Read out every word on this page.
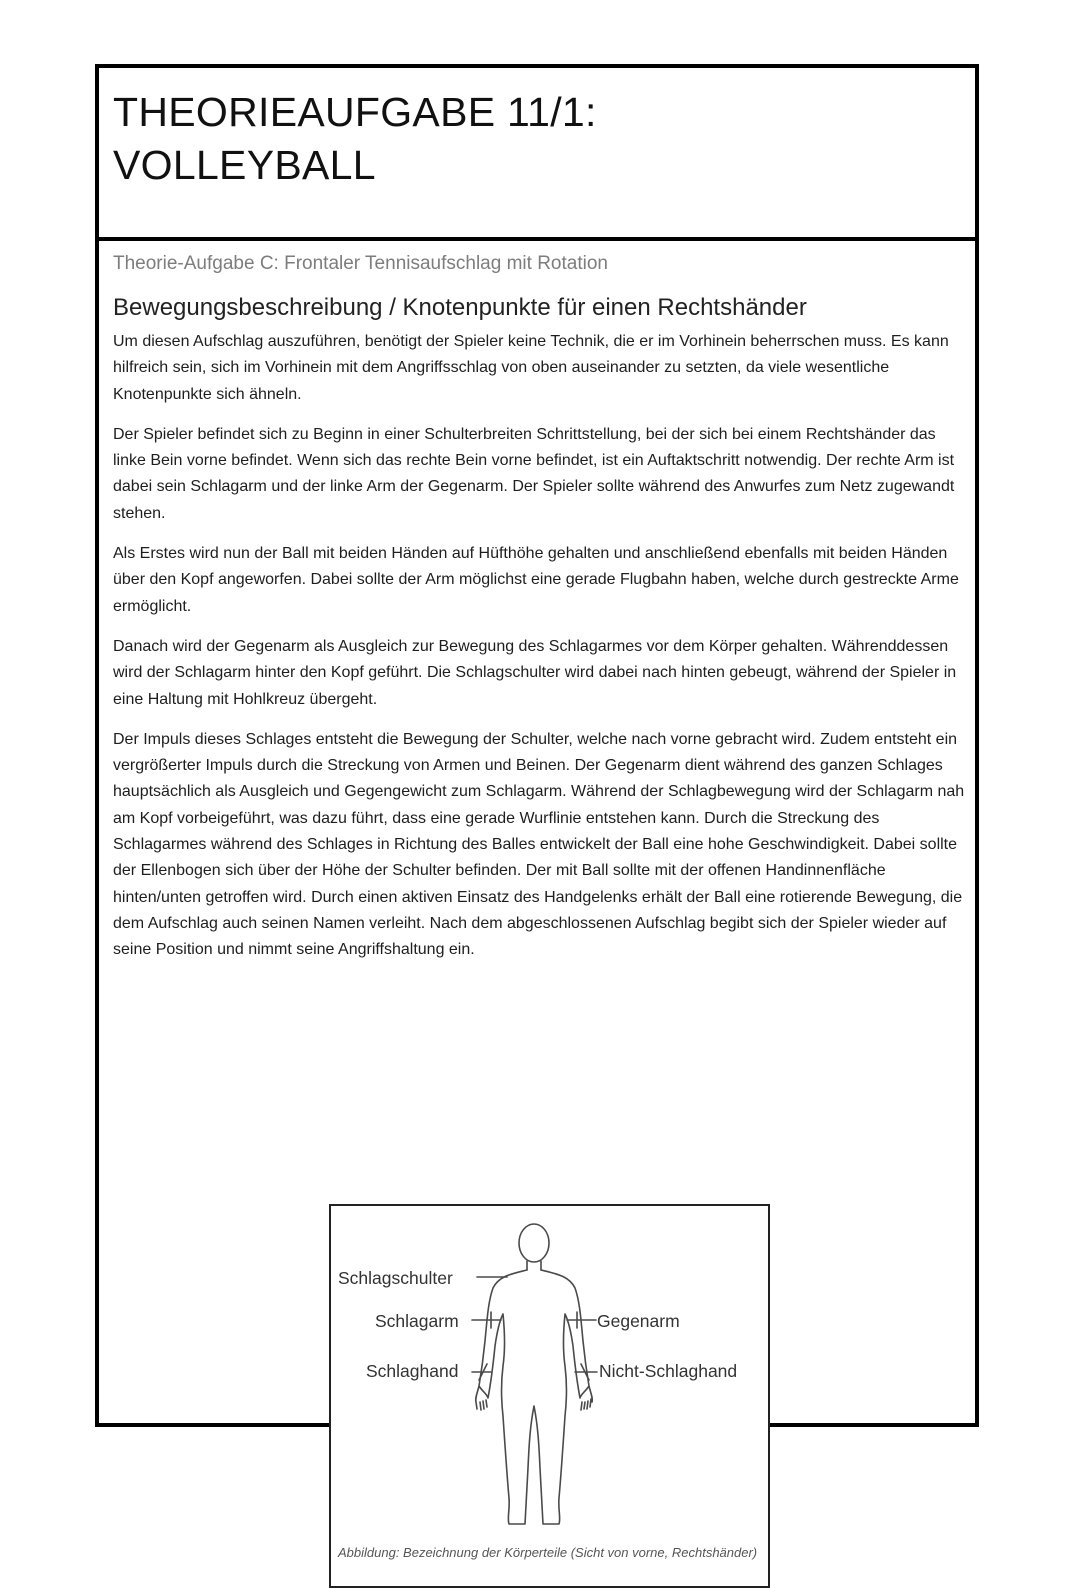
THEORIEAUFGABE 11/1:
VOLLEYBALL

Theorie-Aufgabe C: Frontaler Tennisaufschlag mit Rotation

Bewegungsbeschreibung / Knotenpunkte für einen Rechtshänder

Um diesen Aufschlag auszuführen, benötigt der Spieler keine Technik, die er im Vorhinein beherrschen muss. Es kann hilfreich sein, sich im Vorhinein mit dem Angriffsschlag von oben auseinander zu setzten, da viele wesentliche Knotenpunkte sich ähneln.

Der Spieler befindet sich zu Beginn in einer Schulterbreiten Schrittstellung, bei der sich bei einem Rechtshänder das linke Bein vorne befindet. Wenn sich das rechte Bein vorne befindet, ist ein Auftaktschritt notwendig. Der rechte Arm ist dabei sein Schlagarm und der linke Arm der Gegenarm. Der Spieler sollte während des Anwurfes zum Netz zugewandt stehen.

Als Erstes wird nun der Ball mit beiden Händen auf Hüfthöhe gehalten und anschließend ebenfalls mit beiden Händen über den Kopf angeworfen. Dabei sollte der Arm möglichst eine gerade Flugbahn haben, welche durch gestreckte Arme ermöglicht.

Danach wird der Gegenarm als Ausgleich zur Bewegung des Schlagarmes vor dem Körper gehalten. Währenddessen wird der Schlagarm hinter den Kopf geführt. Die Schlagschulter wird dabei nach hinten gebeugt, während der Spieler in eine Haltung mit Hohlkreuz übergeht.

Der Impuls dieses Schlages entsteht die Bewegung der Schulter, welche nach vorne gebracht wird. Zudem entsteht ein vergrößerter Impuls durch die Streckung von Armen und Beinen. Der Gegenarm dient während des ganzen Schlages hauptsächlich als Ausgleich und Gegengewicht zum Schlagarm. Während der Schlagbewegung wird der Schlagarm nah am Kopf vorbeigeführt, was dazu führt, dass eine gerade Wurflinie entstehen kann. Durch die Streckung des Schlagarmes während des Schlages in Richtung des Balles entwickelt der Ball eine hohe Geschwindigkeit. Dabei sollte der Ellenbogen sich über der Höhe der Schulter befinden. Der mit Ball sollte mit der offenen Handinnenfläche hinten/unten getroffen wird. Durch einen aktiven Einsatz des Handgelenks erhält der Ball eine rotierende Bewegung, die dem Aufschlag auch seinen Namen verleiht. Nach dem abgeschlossenen Aufschlag begibt sich der Spieler wieder auf seine Position und nimmt seine Angriffshaltung ein.

Schlagschulter
Schlagarm
Schlaghand
Gegenarm
Nicht-Schlaghand

Abbildung: Bezeichnung der Körperteile (Sicht von vorne, Rechtshänder)
